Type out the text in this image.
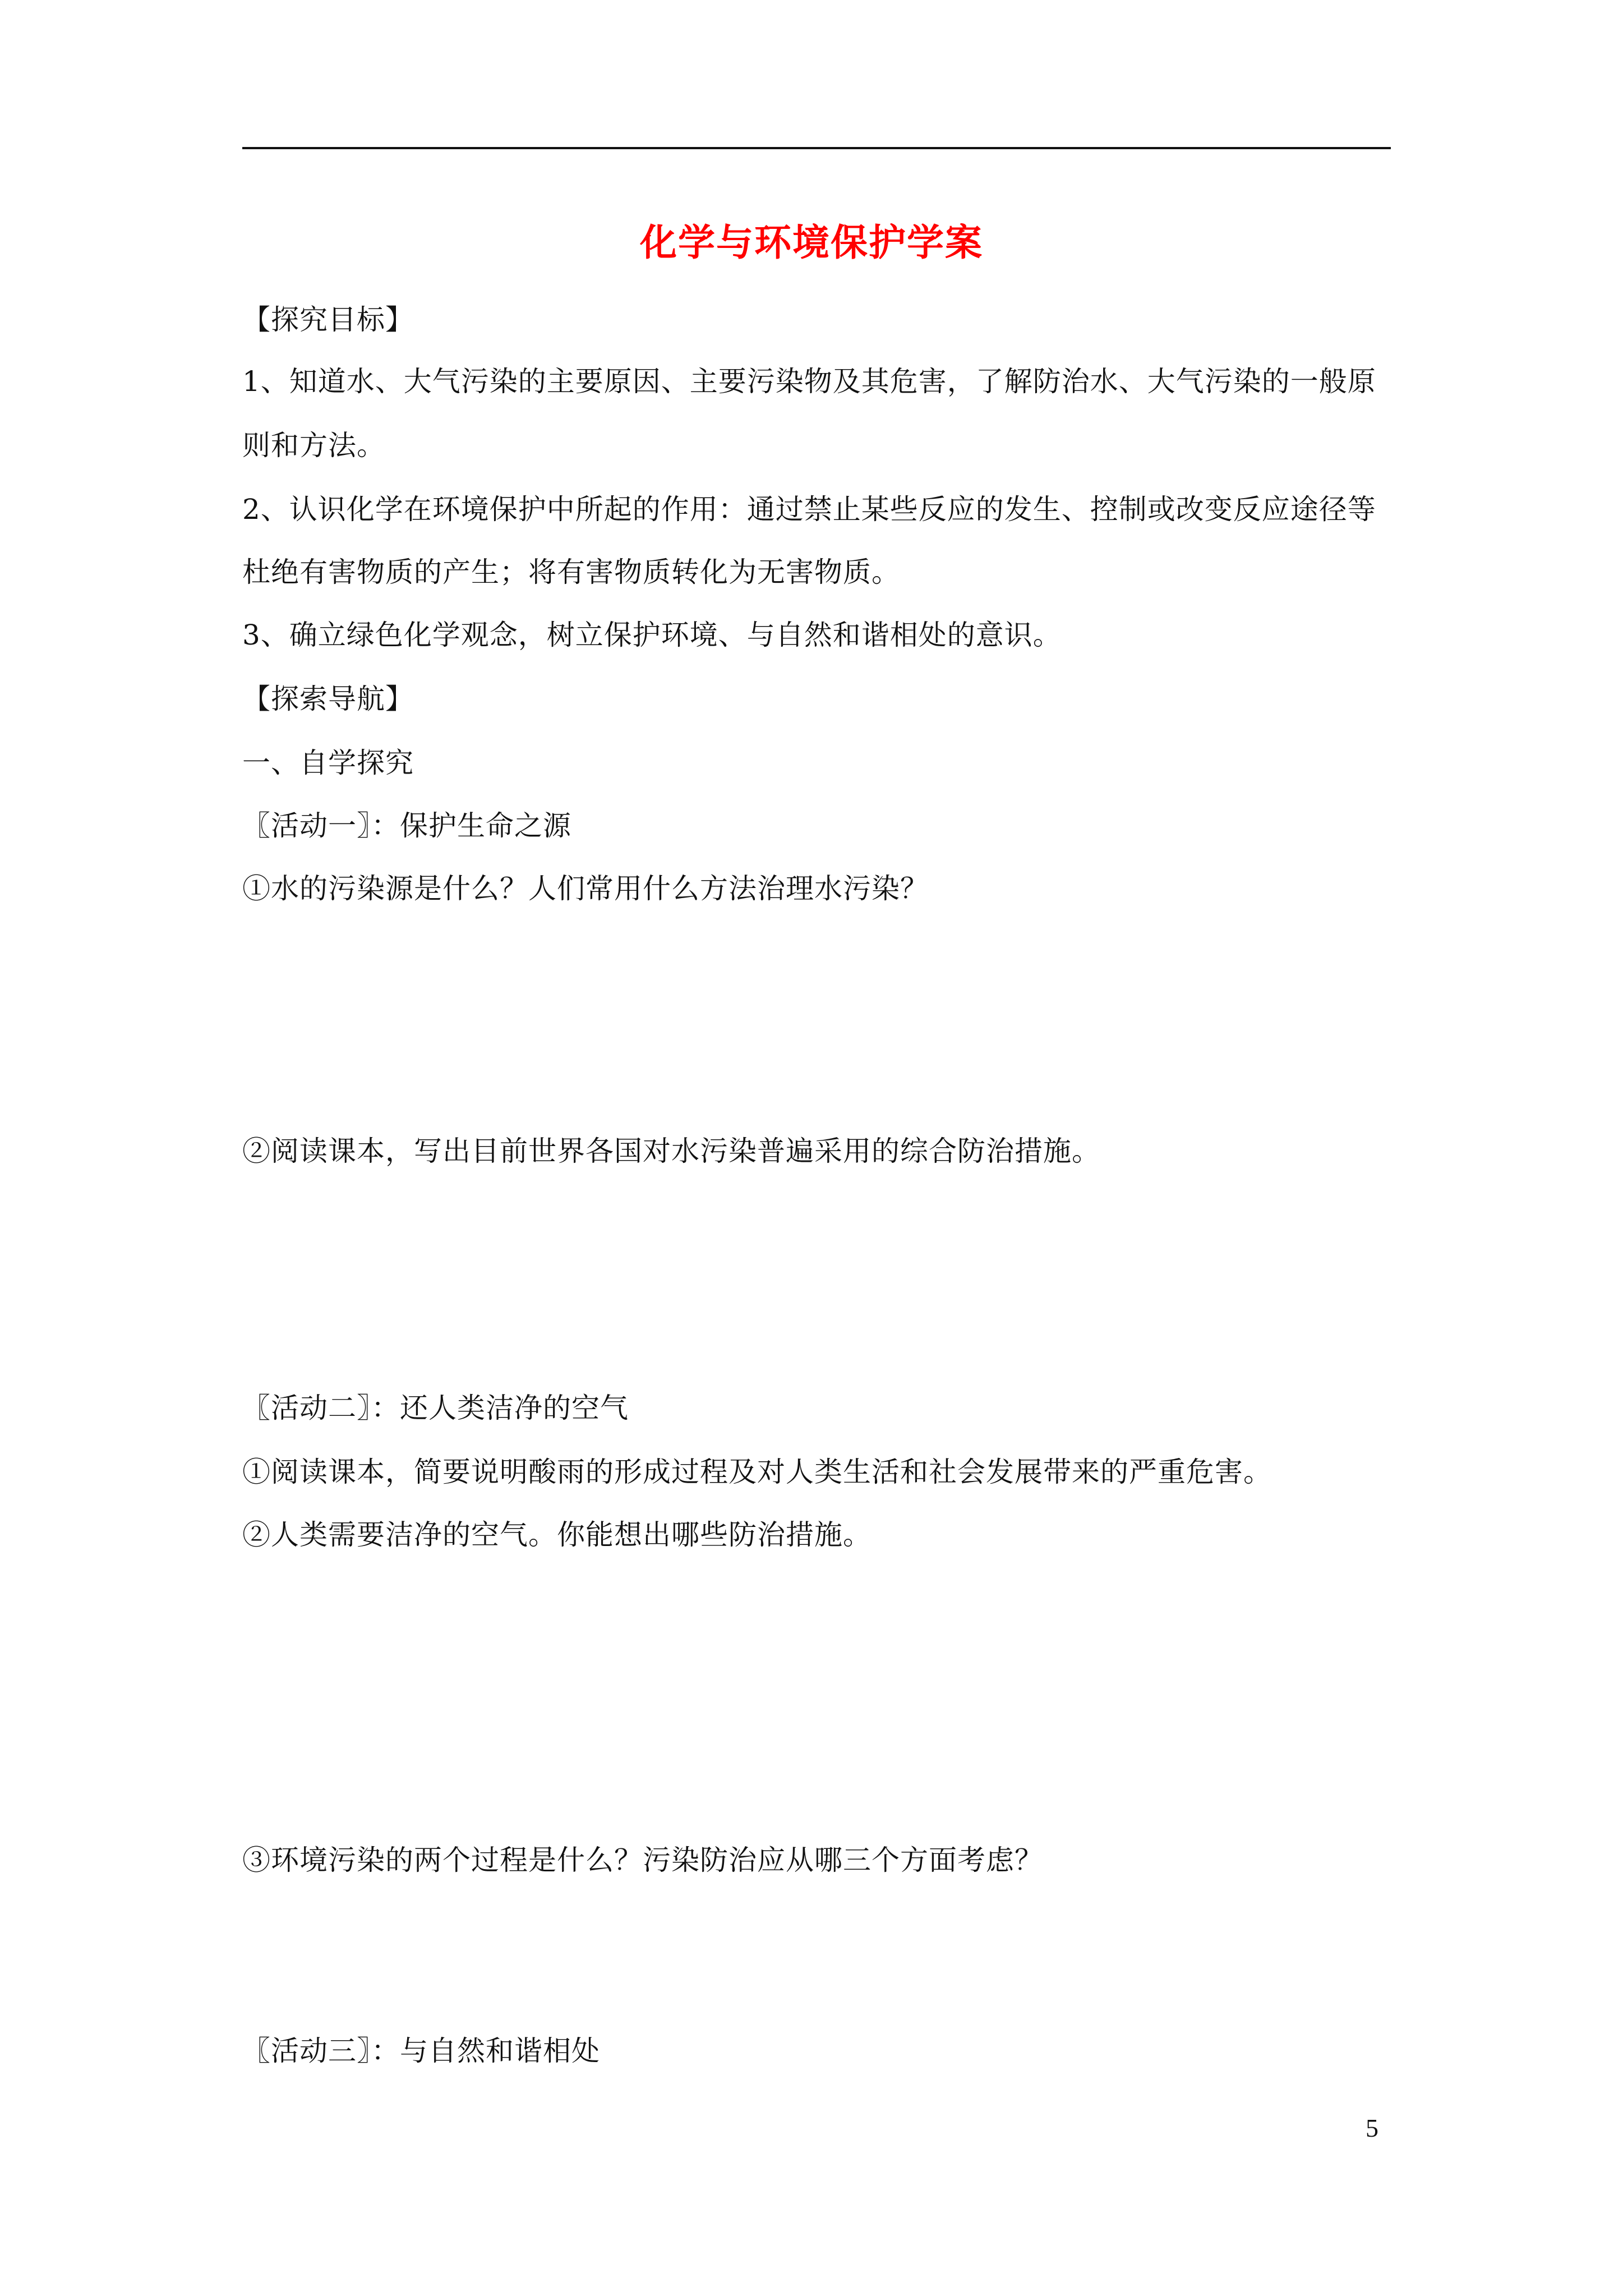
化学与环境保护学案
【探究目标】
1、知道水、大气污染的主要原因、主要污染物及其危害，了解防治水、大气污染的一般原
则和方法。
2、认识化学在环境保护中所起的作用：通过禁止某些反应的发生、控制或改变反应途径等
杜绝有害物质的产生；将有害物质转化为无害物质。
3、确立绿色化学观念，树立保护环境、与自然和谐相处的意识。
【探索导航】
一、自学探究
〖活动一〗：保护生命之源
①水的污染源是什么？人们常用什么方法治理水污染？
②阅读课本，写出目前世界各国对水污染普遍采用的综合防治措施。
〖活动二〗：还人类洁净的空气
①阅读课本，简要说明酸雨的形成过程及对人类生活和社会发展带来的严重危害。
②人类需要洁净的空气。你能想出哪些防治措施。
③环境污染的两个过程是什么？污染防治应从哪三个方面考虑？
〖活动三〗：与自然和谐相处
5
